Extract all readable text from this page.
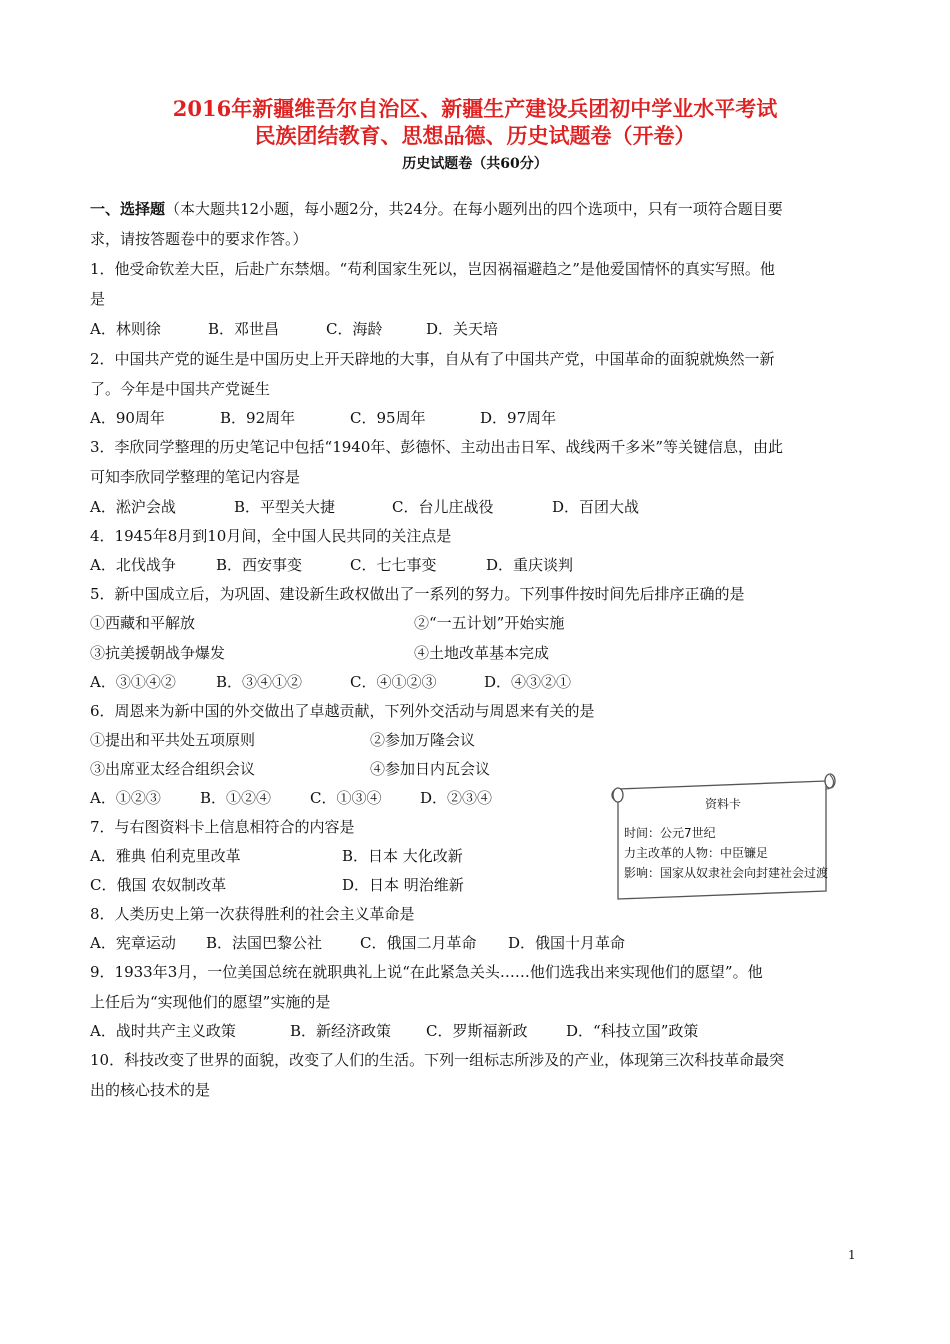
2016年新疆维吾尔自治区、新疆生产建设兵团初中学业水平考试
民族团结教育、思想品德、历史试题卷（开卷）
历史试题卷（共60分）
一、选择题（本大题共12小题，每小题2分，共24分。在每小题列出的四个选项中，只有一项符合题目要
求，请按答题卷中的要求作答。）
1．他受命钦差大臣，后赴广东禁烟。“苟利国家生死以，岂因祸福避趋之”是他爱国情怀的真实写照。他
是
A．林则徐	B．邓世昌	C．海龄	D．关天培
2．中国共产党的诞生是中国历史上开天辟地的大事，自从有了中国共产党，中国革命的面貌就焕然一新
了。今年是中国共产党诞生
A．90周年	B．92周年	C．95周年	D．97周年
3．李欣同学整理的历史笔记中包括“1940年、彭德怀、主动出击日军、战线两千多米”等关键信息，由此
可知李欣同学整理的笔记内容是
A．淞沪会战	B．平型关大捷	C．台儿庄战役	D．百团大战
4．1945年8月到10月间，全中国人民共同的关注点是
A．北伐战争	B．西安事变	C．七七事变	D．重庆谈判
5．新中国成立后，为巩固、建设新生政权做出了一系列的努力。下列事件按时间先后排序正确的是
①西藏和平解放	②“一五计划”开始实施
③抗美援朝战争爆发	④土地改革基本完成
A．③①④②	B．③④①②	C．④①②③	D．④③②①
6．周恩来为新中国的外交做出了卓越贡献，下列外交活动与周恩来有关的是
①提出和平共处五项原则	②参加万隆会议
③出席亚太经合组织会议	④参加日内瓦会议
A．①②③	B．①②④	C．①③④	D．②③④
7．与右图资料卡上信息相符合的内容是
A．雅典 伯利克里改革	B．日本 大化改新
C．俄国 农奴制改革	D．日本 明治维新
资料卡
时间：公元7世纪
力主改革的人物：中臣镰足
影响：国家从奴隶社会向封建社会过渡
8．人类历史上第一次获得胜利的社会主义革命是
A．宪章运动 B．法国巴黎公社	C．俄国二月革命 D．俄国十月革命
9．1933年3月，一位美国总统在就职典礼上说“在此紧急关头……他们选我出来实现他们的愿望”。他
上任后为“实现他们的愿望”实施的是
A．战时共产主义政策	B．新经济政策 C．罗斯福新政	D．“科技立国”政策
10．科技改变了世界的面貌，改变了人们的生活。下列一组标志所涉及的产业，体现第三次科技革命最突
出的核心技术的是
1
